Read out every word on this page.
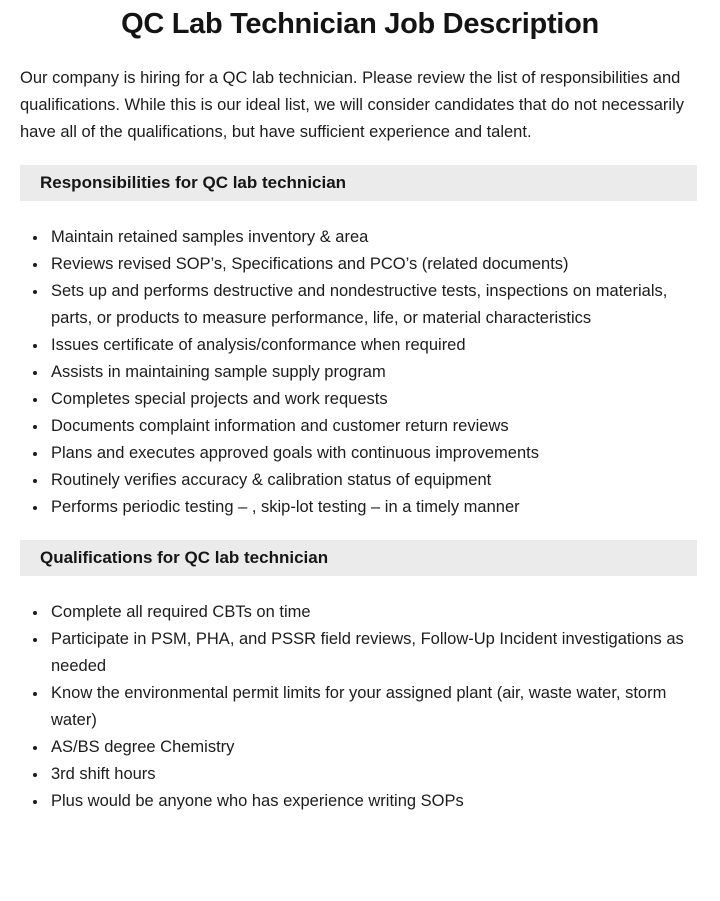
QC Lab Technician Job Description

Our company is hiring for a QC lab technician. Please review the list of responsibilities and qualifications. While this is our ideal list, we will consider candidates that do not necessarily have all of the qualifications, but have sufficient experience and talent.

Responsibilities for QC lab technician
• Maintain retained samples inventory & area
• Reviews revised SOP’s, Specifications and PCO’s (related documents)
• Sets up and performs destructive and nondestructive tests, inspections on materials, parts, or products to measure performance, life, or material characteristics
• Issues certificate of analysis/conformance when required
• Assists in maintaining sample supply program
• Completes special projects and work requests
• Documents complaint information and customer return reviews
• Plans and executes approved goals with continuous improvements
• Routinely verifies accuracy & calibration status of equipment
• Performs periodic testing – , skip-lot testing – in a timely manner
Qualifications for QC lab technician
• Complete all required CBTs on time
• Participate in PSM, PHA, and PSSR field reviews, Follow-Up Incident investigations as needed
• Know the environmental permit limits for your assigned plant (air, waste water, storm water)
• AS/BS degree Chemistry
• 3rd shift hours
• Plus would be anyone who has experience writing SOPs
